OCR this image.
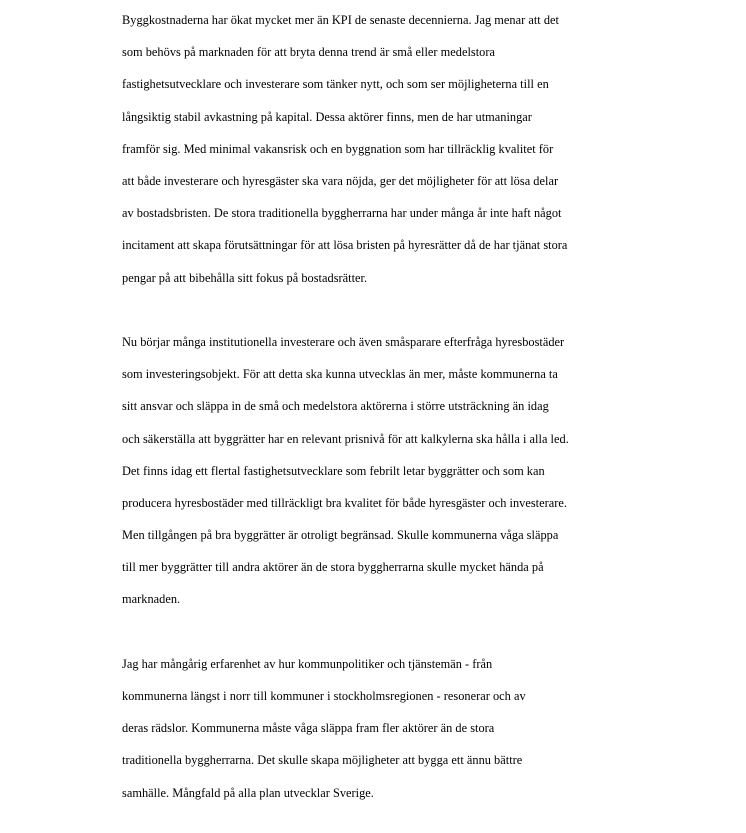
Byggkostnaderna har ökat mycket mer än KPI de senaste decennierna. Jag menar att det

som behövs på marknaden för att bryta denna trend är små eller medelstora

fastighetsutvecklare och investerare som tänker nytt, och som ser möjligheterna till en

långsiktig stabil avkastning på kapital. Dessa aktörer finns, men de har utmaningar

framför sig. Med minimal vakansrisk och en byggnation som har tillräcklig kvalitet för

att både investerare och hyresgäster ska vara nöjda, ger det möjligheter för att lösa delar

av bostadsbristen. De stora traditionella byggherrarna har under många år inte haft något

incitament att skapa förutsättningar för att lösa bristen på hyresrätter då de har tjänat stora

pengar på att bibehålla sitt fokus på bostadsrätter.

Nu börjar många institutionella investerare och även småsparare efterfråga hyresbostäder

som investeringsobjekt. För att detta ska kunna utvecklas än mer, måste kommunerna ta

sitt ansvar och släppa in de små och medelstora aktörerna i större utsträckning än idag

och säkerställa att byggrätter har en relevant prisnivå för att kalkylerna ska hålla i alla led.

Det finns idag ett flertal fastighetsutvecklare som febrilt letar byggrätter och som kan

producera hyresbostäder med tillräckligt bra kvalitet för både hyresgäster och investerare.

Men tillgången på bra byggrätter är otroligt begränsad. Skulle kommunerna våga släppa

till mer byggrätter till andra aktörer än de stora byggherrarna skulle mycket hända på

marknaden.

Jag har mångårig erfarenhet av hur kommunpolitiker och tjänstemän - från

kommunerna längst i norr till kommuner i stockholmsregionen - resonerar och av

deras rädslor. Kommunerna måste våga släppa fram fler aktörer än de stora

traditionella byggherrarna. Det skulle skapa möjligheter att bygga ett ännu bättre

samhälle. Mångfald på alla plan utvecklar Sverige.
